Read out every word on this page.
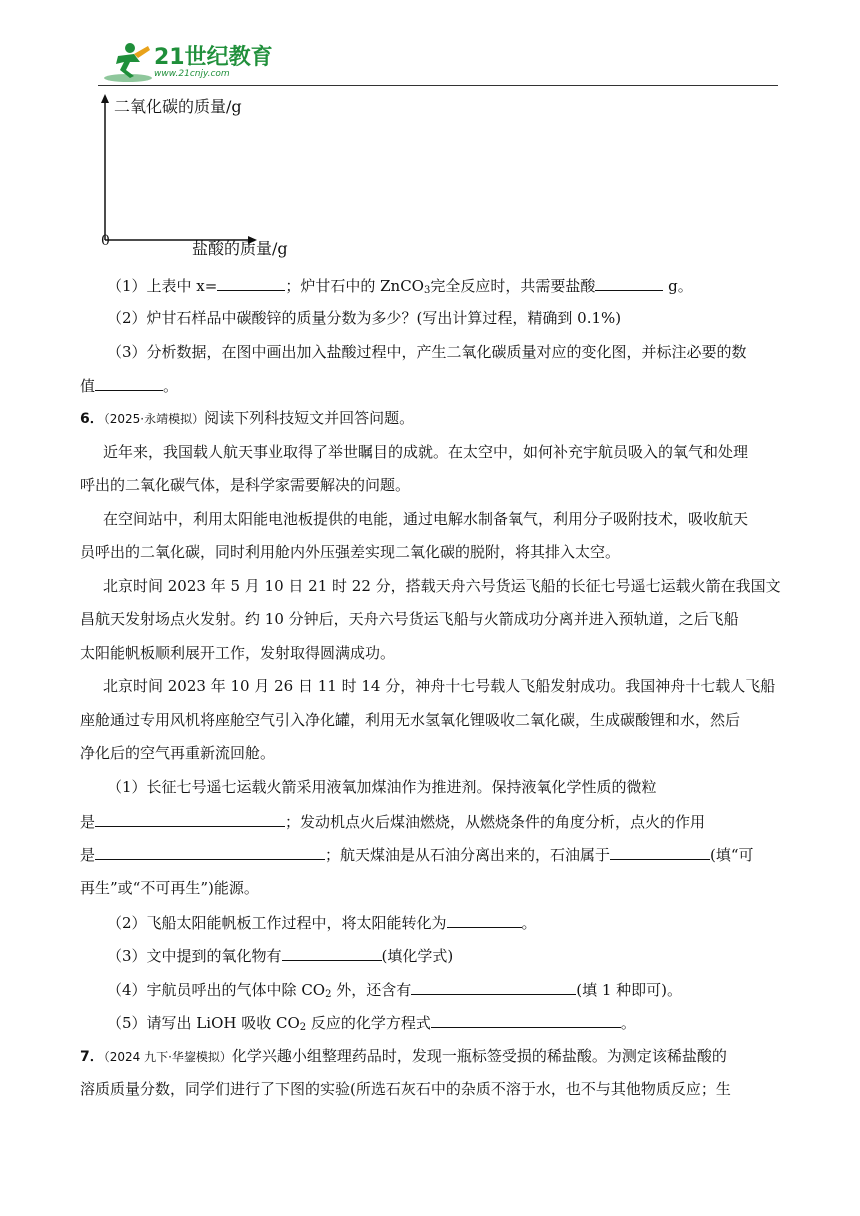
21世纪教育
www.21cnjy.com
二氧化碳的质量/g
0	盐酸的质量/g
（1）上表中 x=	；炉甘石中的 ZnCO$_3$完全反应时，共需要盐酸	g。
（2）炉甘石样品中碳酸锌的质量分数为多少？(写出计算过程，精确到 0.1%)
（3）分析数据，在图中画出加入盐酸过程中，产生二氧化碳质量对应的变化图，并标注必要的数
值	。
6．（2025·永靖模拟）阅读下列科技短文并回答问题。
近年来，我国载人航天事业取得了举世瞩目的成就。在太空中，如何补充宇航员吸入的氧气和处理
呼出的二氧化碳气体，是科学家需要解决的问题。
在空间站中，利用太阳能电池板提供的电能，通过电解水制备氧气，利用分子吸附技术，吸收航天
员呼出的二氧化碳，同时利用舱内外压强差实现二氧化碳的脱附，将其排入太空。
北京时间 2023 年 5 月 10 日 21 时 22 分，搭载天舟六号货运飞船的长征七号遥七运载火箭在我国文
昌航天发射场点火发射。约 10 分钟后，天舟六号货运飞船与火箭成功分离并进入预轨道，之后飞船
太阳能帆板顺利展开工作，发射取得圆满成功。
北京时间 2023 年 10 月 26 日 11 时 14 分，神舟十七号载人飞船发射成功。我国神舟十七载人飞船
座舱通过专用风机将座舱空气引入净化罐，利用无水氢氧化锂吸收二氧化碳，生成碳酸锂和水，然后
净化后的空气再重新流回舱。
（1）长征七号遥七运载火箭采用液氧加煤油作为推进剂。保持液氧化学性质的微粒
是	；发动机点火后煤油燃烧，从燃烧条件的角度分析，点火的作用
是	；航天煤油是从石油分离出来的，石油属于	(填“可
再生”或“不可再生”)能源。
（2）飞船太阳能帆板工作过程中，将太阳能转化为	。
（3）文中提到的氧化物有	(填化学式)
（4）宇航员呼出的气体中除 $CO_2$ 外，还含有	(填 1 种即可)。
（5）请写出 LiOH 吸收 $CO_2$ 反应的化学方程式	。
7．（2024 九下·华鋆模拟）化学兴趣小组整理药品时，发现一瓶标签受损的稀盐酸。为测定该稀盐酸的
溶质质量分数，同学们进行了下图的实验(所选石灰石中的杂质不溶于水，也不与其他物质反应；生
